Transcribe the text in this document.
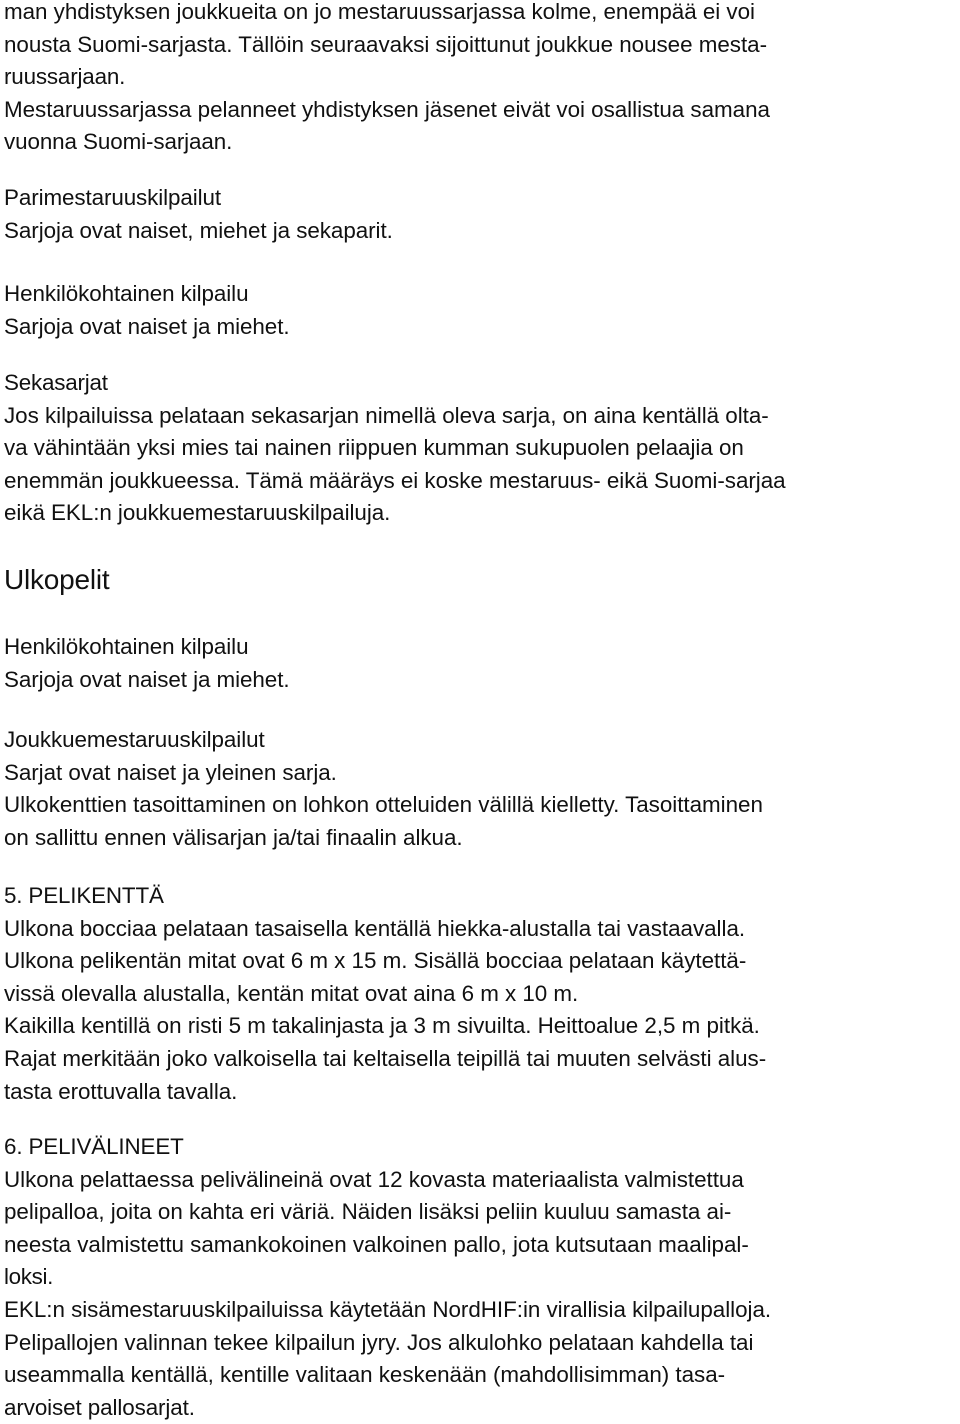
man yhdistyksen joukkueita on jo mestaruussarjassa kolme, enempää ei voi
nousta Suomi-sarjasta. Tällöin seuraavaksi sijoittunut joukkue nousee mesta-
ruussarjaan.
Mestaruussarjassa pelanneet yhdistyksen jäsenet eivät voi osallistua samana
vuonna Suomi-sarjaan.
Parimestaruuskilpailut
Sarjoja ovat naiset, miehet ja sekaparit.
Henkilökohtainen kilpailu
Sarjoja ovat naiset ja miehet.
Sekasarjat
Jos kilpailuissa pelataan sekasarjan nimellä oleva sarja, on aina kentällä olta-
va vähintään yksi mies tai nainen riippuen kumman sukupuolen pelaajia on
enemmän joukkueessa. Tämä määräys ei koske mestaruus- eikä Suomi-sarjaa
eikä EKL:n joukkuemestaruuskilpailuja.
Ulkopelit
Henkilökohtainen kilpailu
Sarjoja ovat naiset ja miehet.
Joukkuemestaruuskilpailut
Sarjat ovat naiset ja yleinen sarja.
Ulkokenttien tasoittaminen on lohkon otteluiden välillä kielletty. Tasoittaminen
on sallittu ennen välisarjan ja/tai finaalin alkua.
5. PELIKENTTÄ
Ulkona bocciaa pelataan tasaisella kentällä hiekka-alustalla tai vastaavalla.
Ulkona pelikentän mitat ovat 6 m x 15 m. Sisällä bocciaa pelataan käytettä-
vissä olevalla alustalla, kentän mitat ovat aina 6 m x 10 m.
Kaikilla kentillä on risti 5 m takalinjasta ja 3 m sivuilta. Heittoalue 2,5 m pitkä.
Rajat merkitään joko valkoisella tai keltaisella teipillä tai muuten selvästi alus-
tasta erottuvalla tavalla.
6. PELIVÄLINEET
Ulkona pelattaessa pelivälineinä ovat 12 kovasta materiaalista valmistettua
pelipalloa, joita on kahta eri väriä. Näiden lisäksi peliin kuuluu samasta ai-
neesta valmistettu samankokoinen valkoinen pallo, jota kutsutaan maalipal-
loksi.
EKL:n sisämestaruuskilpailuissa käytetään NordHIF:in virallisia kilpailupalloja.
Pelipallojen valinnan tekee kilpailun jyry. Jos alkulohko pelataan kahdella tai
useammalla kentällä, kentille valitaan keskenään (mahdollisimman) tasa-
arvoiset pallosarjat.
